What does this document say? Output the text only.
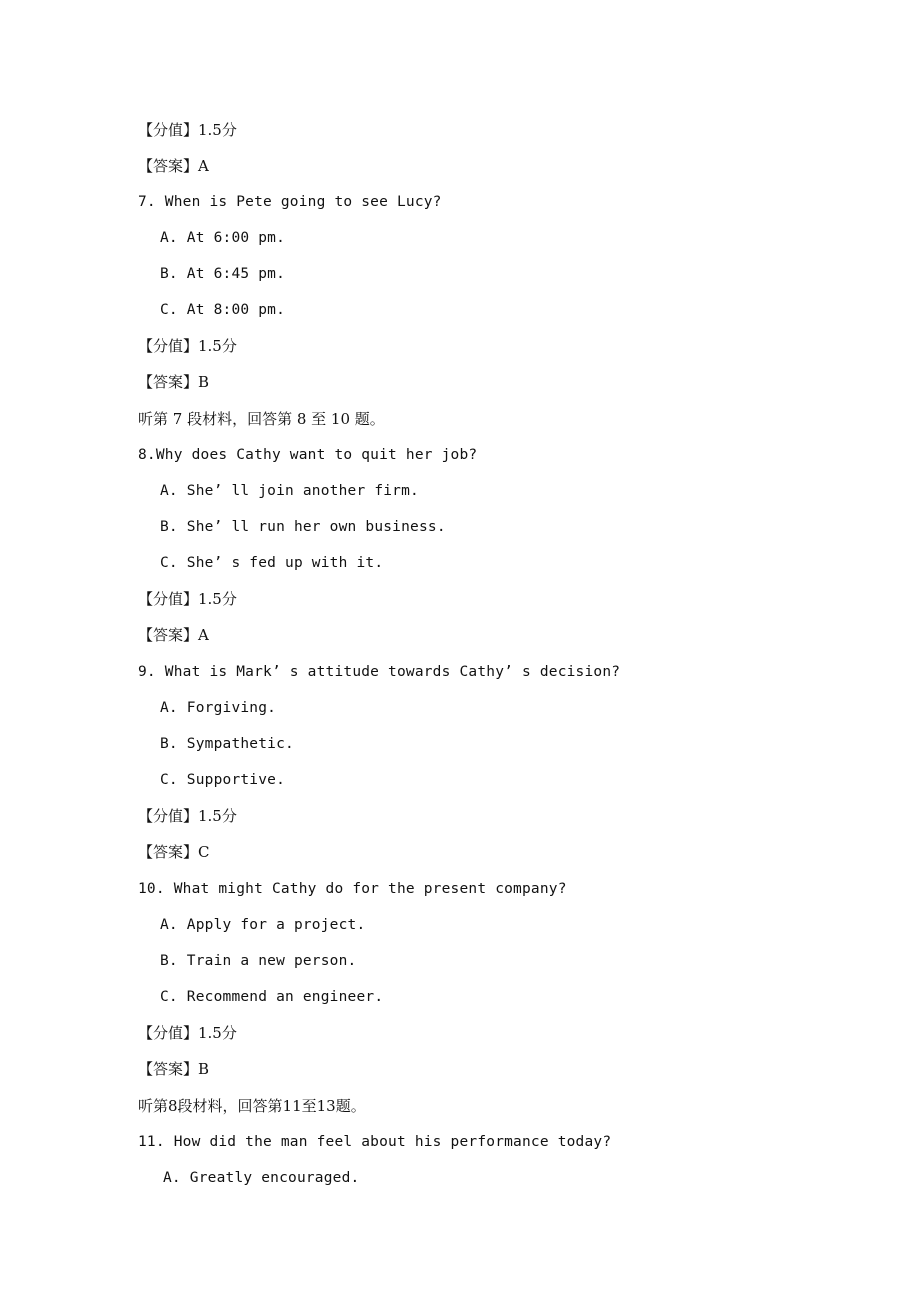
【分值】1.5分
【答案】A
7. When is Pete going to see Lucy?
A. At 6:00 pm.
B. At 6:45 pm.
C. At 8:00 pm.
【分值】1.5分
【答案】B
听第 7 段材料，回答第 8 至 10 题。
8.Why does Cathy want to quit her job?
A. She’ ll join another firm.
B. She’ ll run her own business.
C. She’ s fed up with it.
【分值】1.5分
【答案】A
9. What is Mark’ s attitude towards Cathy’ s decision?
A. Forgiving.
B. Sympathetic.
C. Supportive.
【分值】1.5分
【答案】C
10. What might Cathy do for the present company?
A. Apply for a project.
B. Train a new person.
C. Recommend an engineer.
【分值】1.5分
【答案】B
听第8段材料，回答第11至13题。
11. How did the man feel about his performance today?
A. Greatly encouraged.
